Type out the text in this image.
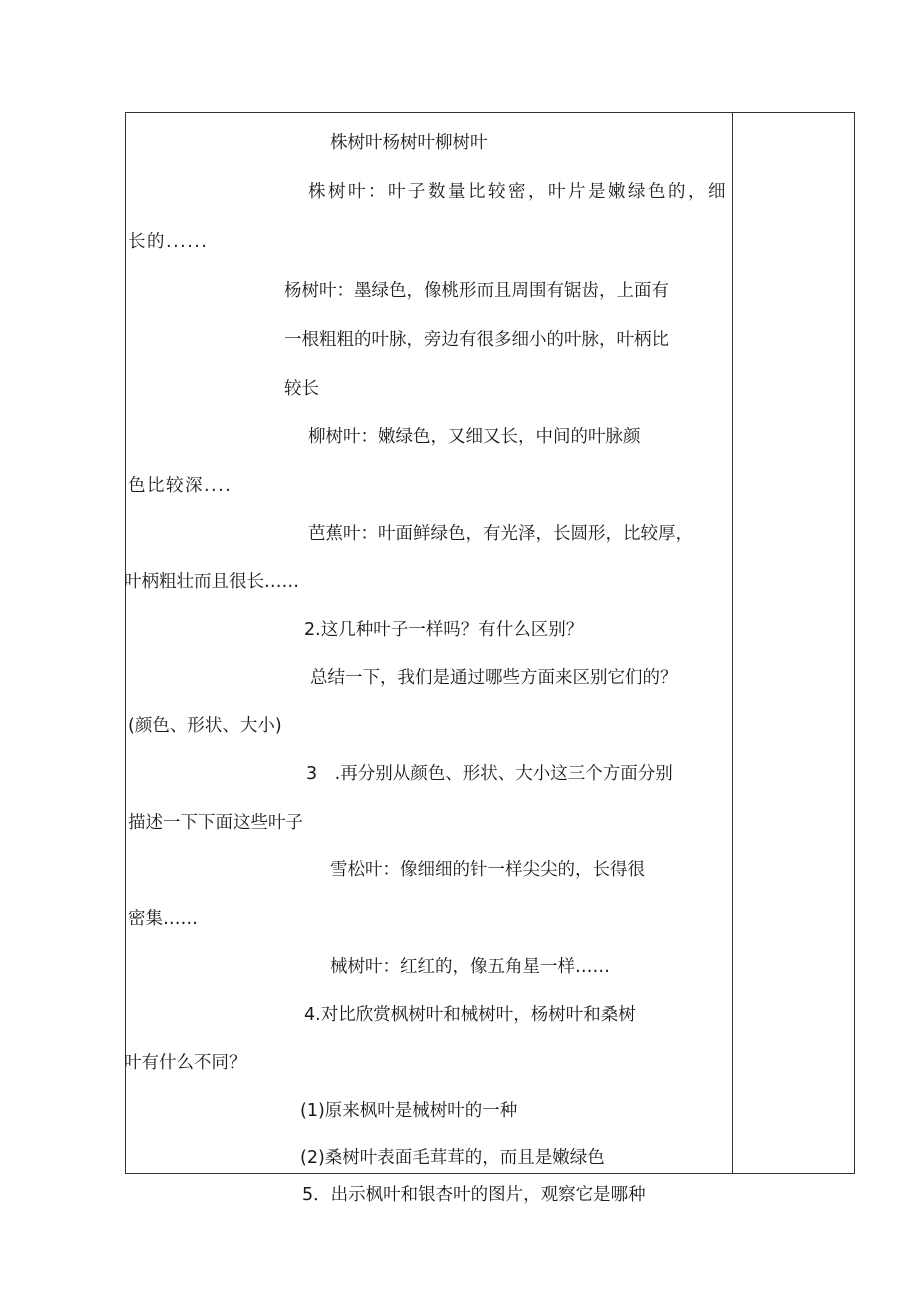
株树叶杨树叶柳树叶
株树叶：叶子数量比较密，叶片是嫩绿色的，细
长的......
杨树叶：墨绿色，像桃形而且周围有锯齿，上面有
一根粗粗的叶脉，旁边有很多细小的叶脉，叶柄比
较长
柳树叶：嫩绿色，又细又长，中间的叶脉颜
色比较深....
芭蕉叶：叶面鲜绿色，有光泽，长圆形，比较厚，
叶柄粗壮而且很长……
2.这几种叶子一样吗？有什么区别？
总结一下，我们是通过哪些方面来区别它们的？
(颜色、形状、大小)
3　.再分别从颜色、形状、大小这三个方面分别
描述一下下面这些叶子
雪松叶：像细细的针一样尖尖的，长得很
密集……
械树叶：红红的，像五角星一样……
4.对比欣赏枫树叶和械树叶，杨树叶和桑树
叶有什么不同？
(1)原来枫叶是械树叶的一种
(2)桑树叶表面毛茸茸的，而且是嫩绿色
5．出示枫叶和银杏叶的图片，观察它是哪种
